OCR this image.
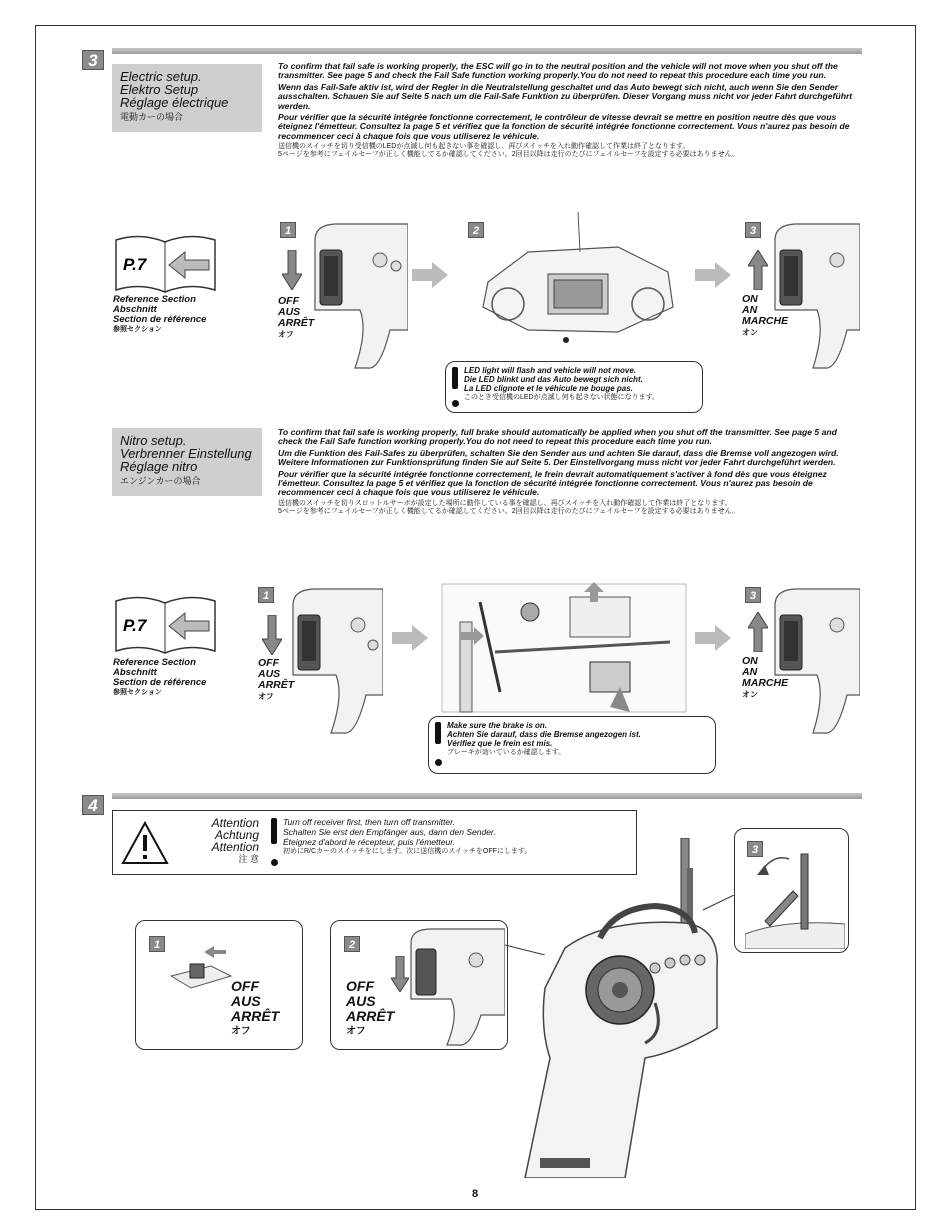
3
Electric setup.
Elektro Setup
Réglage électrique
電動カーの場合

To confirm that fail safe is working properly, the ESC will go in to the neutral position and the vehicle will not move when you shut off the transmitter. See page 5 and check the Fail Safe function working properly.You do not need to repeat this procedure each time you run.

Wenn das Fail-Safe aktiv ist, wird der Regler in die Neutralstellung geschaltet und das Auto bewegt sich nicht, auch wenn Sie den Sender ausschalten. Schauen Sie auf Seite 5 nach um die Fail-Safe Funktion zu überprüfen. Dieser Vorgang muss nicht vor jeder Fahrt durchgeführt werden.

Pour vérifier que la sécurité intégrée fonctionne correctement, le contrôleur de vitesse devrait se mettre en position neutre dès que vous éteignez l'émetteur. Consultez la page 5 et vérifiez que la fonction de sécurité intégrée fonctionne correctement. Vous n'aurez pas besoin de recommencer ceci à chaque fois que vous utiliserez le véhicule.

送信機のスイッチを切り受信機のLEDが点滅し何も起きない事を確認し、再びスイッチを入れ動作確認して作業は終了となります。

5ページを参考にフェイルセーフが正しく機能してるか確認してください。2回目以降は走行のたびにフェイルセーフを設定する必要はありません。

P.7
Reference Section
Abschnitt
Section de référence
参照セクション
1
OFF
AUS
ARRÊT
オフ
2	3
ON
AN
MARCHE
オン
LED light will flash and vehicle will not move.
Die LED blinkt und das Auto bewegt sich nicht.
La LED clignote et le véhicule ne bouge pas.
このとき受信機のLEDが点滅し何も起きない状態になります。
Nitro setup.
Verbrenner Einstellung
Réglage nitro
エンジンカーの場合

To confirm that fail safe is working properly, full brake should automatically be applied when you shut off the transmitter. See page 5 and check the Fail Safe function working properly.You do not need to repeat this procedure each time you run.

Um die Funktion des Fail-Safes zu überprüfen, schalten Sie den Sender aus und achten Sie darauf, dass die Bremse voll angezogen wird. Weitere Informationen zur Funktionsprüfung finden Sie auf Seite 5. Der Einstellvorgang muss nicht vor jeder Fahrt durchgeführt werden.

Pour vérifier que la sécurité intégrée fonctionne correctement, le frein devrait automatiquement s'activer à fond dès que vous éteignez l'émetteur. Consultez la page 5 et vérifiez que la fonction de sécurité intégrée fonctionne correctement. Vous n'aurez pas besoin de recommencer ceci à chaque fois que vous utiliserez le véhicule.

送信機のスイッチを切りスロットルサーボが設定した場所に動作している事を確認し、再びスイッチを入れ動作確認して作業は終了となります。

5ページを参考にフェイルセーフが正しく機能してるか確認してください。2回目以降は走行のたびにフェイルセーフを設定する必要はありません。

P.7
Reference Section
Abschnitt
Section de référence
参照セクション
1
OFF
AUS
ARRÊT
オフ
3
ON
AN
MARCHE
オン
Make sure the brake is on.
Achten Sie darauf, dass die Bremse angezogen ist.
Vérifiez que le frein est mis.
ブレーキが効いているか確認します。
4
Attention
Achtung
Attention
注 意
Turn off receiver first, then turn off transmitter.
Schalten Sie erst den Empfänger aus, dann den Sender.
Éteignez d'abord le récepteur, puis l'émetteur.
初めにR/Cカーのスイッチをにします。次に送信機のスイッチをOFFにします。
1
OFF
AUS
ARRÊT
オフ
2
OFF
AUS
ARRÊT
オフ
3
8
